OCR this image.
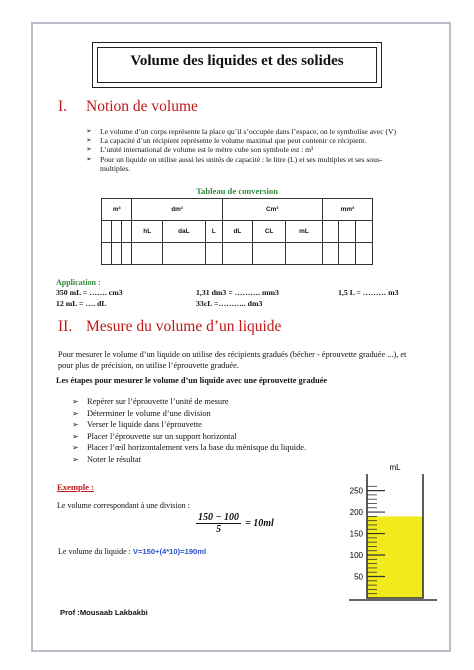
Volume des liquides et des solides
I. Notion de volume
➢ Le volume d’un corps représente la place qu’il s’occupée dans l’espace, on le symbolise avec (V)
➢ La capacité d’un récipient représente le volume maximal que peut contenir ce récipient.
➢ L’unité international de volume est le mètre cube son symbole est : m³
➢ Pour un liquide on utilise aussi les unités de capacité : le litre (L) et ses multiples et ses sous-multiples.
Tableau de conversion
m³			dm³			Cm³			mm³		
			hL	daL	L	dL	CL	mL			

Application :
350 mL = ……. cm3	1,31 dm3 = ………. mm3	1,5 L = ……… m3
12 mL = …. dL	33cL =……….. dm3
II. Mesure du volume d’un liquide
Pour mesurer le volume d’un liquide on utilise des récipients gradués (bécher - éprouvette graduée ...), et pour plus de précision, on utilise l’éprouvette graduée.
Les étapes pour mesurer le volume d’un liquide avec une éprouvette graduée
➢ Repérer sur l’éprouvette l’unité de mesure
➢ Déterminer le volume d’une division
➢ Verser le liquide dans l’éprouvette
➢ Placer l’éprouvette sur un support horizontal
➢ Placer l’œil horizontalement vers la base du ménisque du liquide.
➢ Noter le résultat
Exemple :
Le volume correspondant à une division :
$\frac{150 - 100}{5} = 10ml$
Le volume du liquide : V=150+(4*10)=190ml
mL
250
200
150
100
50
Prof :Mousaab Lakbakbi
